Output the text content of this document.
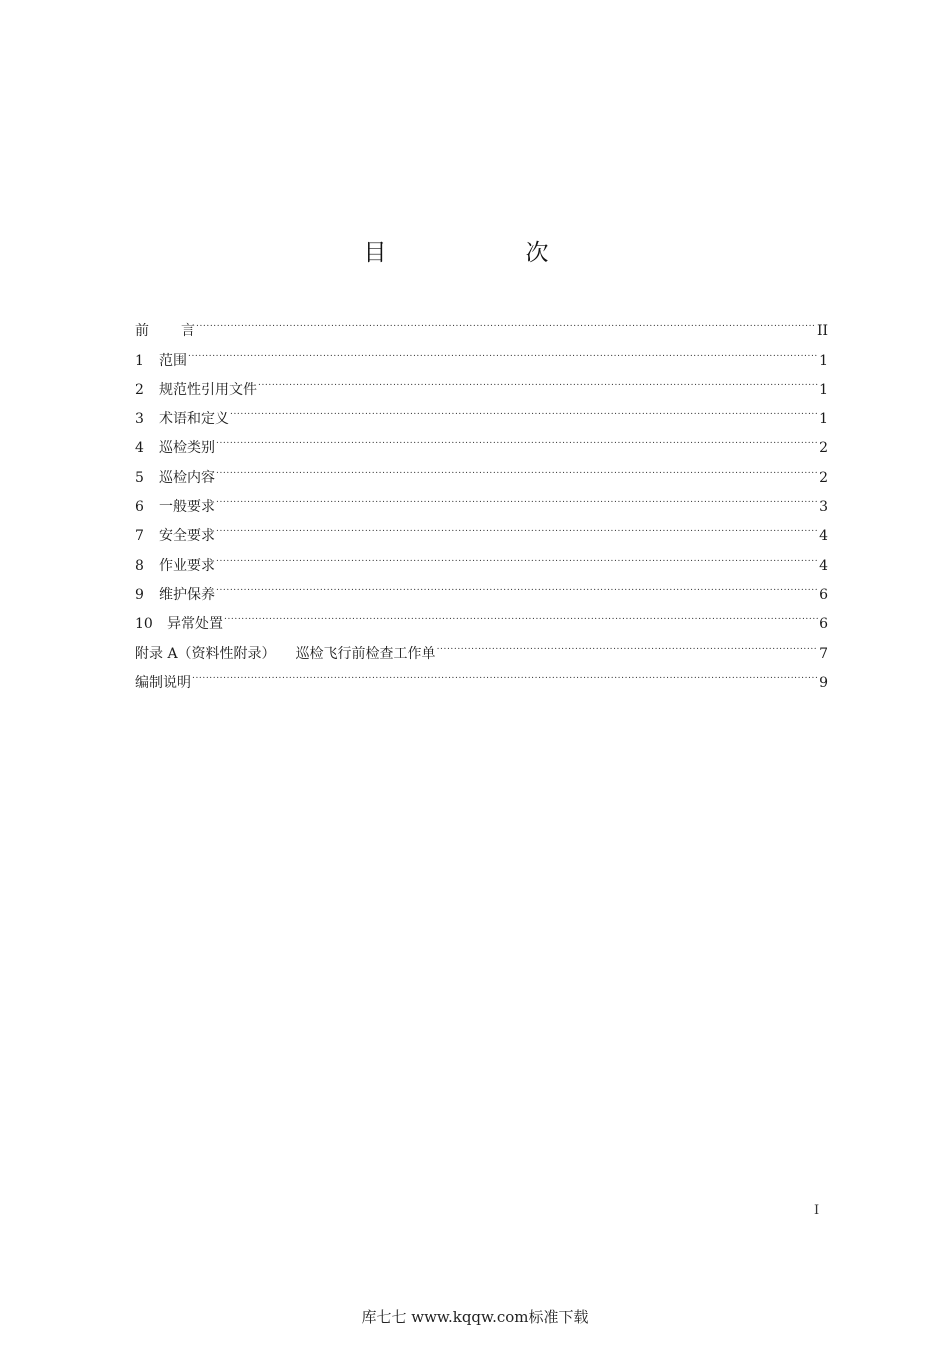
目　次
前 言 .....	II
1	范围 .....	1
2	规范性引用文件 .....	1
3	术语和定义 .....	1
4	巡检类别 .....	2
5	巡检内容 .....	2
6	一般要求 .....	3
7	安全要求 .....	4
8	作业要求 .....	4
9	维护保养 .....	6
10	异常处置 .....	6
附录 A（资料性附录） 巡检飞行前检查工作单 .....	7
编制说明 .....	9
I
库七七 www.kqqw.com标准下载
